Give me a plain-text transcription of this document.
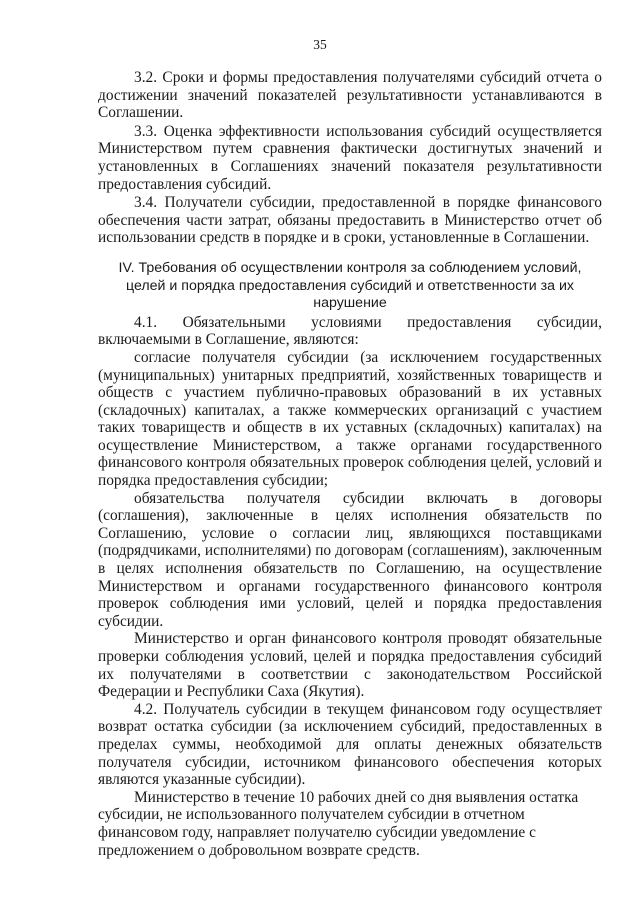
35

3.2. Сроки и формы предоставления получателями субсидий отчета о достижении значений показателей результативности устанавливаются в Соглашении.

3.3. Оценка эффективности использования субсидий осуществляется Министерством путем сравнения фактически достигнутых значений и установленных в Соглашениях значений показателя результативности предоставления субсидий.

3.4. Получатели субсидии, предоставленной в порядке финансового обеспечения части затрат, обязаны предоставить в Министерство отчет об использовании средств в порядке и в сроки, установленные в Соглашении.

IV. Требования об осуществлении контроля за соблюдением условий, целей и порядка предоставления субсидий и ответственности за их нарушение

4.1. Обязательными условиями предоставления субсидии, включаемыми в Соглашение, являются:

согласие получателя субсидии (за исключением государственных (муниципальных) унитарных предприятий, хозяйственных товариществ и обществ с участием публично-правовых образований в их уставных (складочных) капиталах, а также коммерческих организаций с участием таких товариществ и обществ в их уставных (складочных) капиталах) на осуществление Министерством, а также органами государственного финансового контроля обязательных проверок соблюдения целей, условий и порядка предоставления субсидии;

обязательства получателя субсидии включать в договоры (соглашения), заключенные в целях исполнения обязательств по Соглашению, условие о согласии лиц, являющихся поставщиками (подрядчиками, исполнителями) по договорам (соглашениям), заключенным в целях исполнения обязательств по Соглашению, на осуществление Министерством и органами государственного финансового контроля проверок соблюдения ими условий, целей и порядка предоставления субсидии.

Министерство и орган финансового контроля проводят обязательные проверки соблюдения условий, целей и порядка предоставления субсидий их получателями в соответствии с законодательством Российской Федерации и Республики Саха (Якутия).

4.2. Получатель субсидии в текущем финансовом году осуществляет возврат остатка субсидии (за исключением субсидий, предоставленных в пределах суммы, необходимой для оплаты денежных обязательств получателя субсидии, источником финансового обеспечения которых являются указанные субсидии).

Министерство в течение 10 рабочих дней со дня выявления остатка субсидии, не использованного получателем субсидии в отчетном финансовом году, направляет получателю субсидии уведомление с предложением о добровольном возврате средств.
